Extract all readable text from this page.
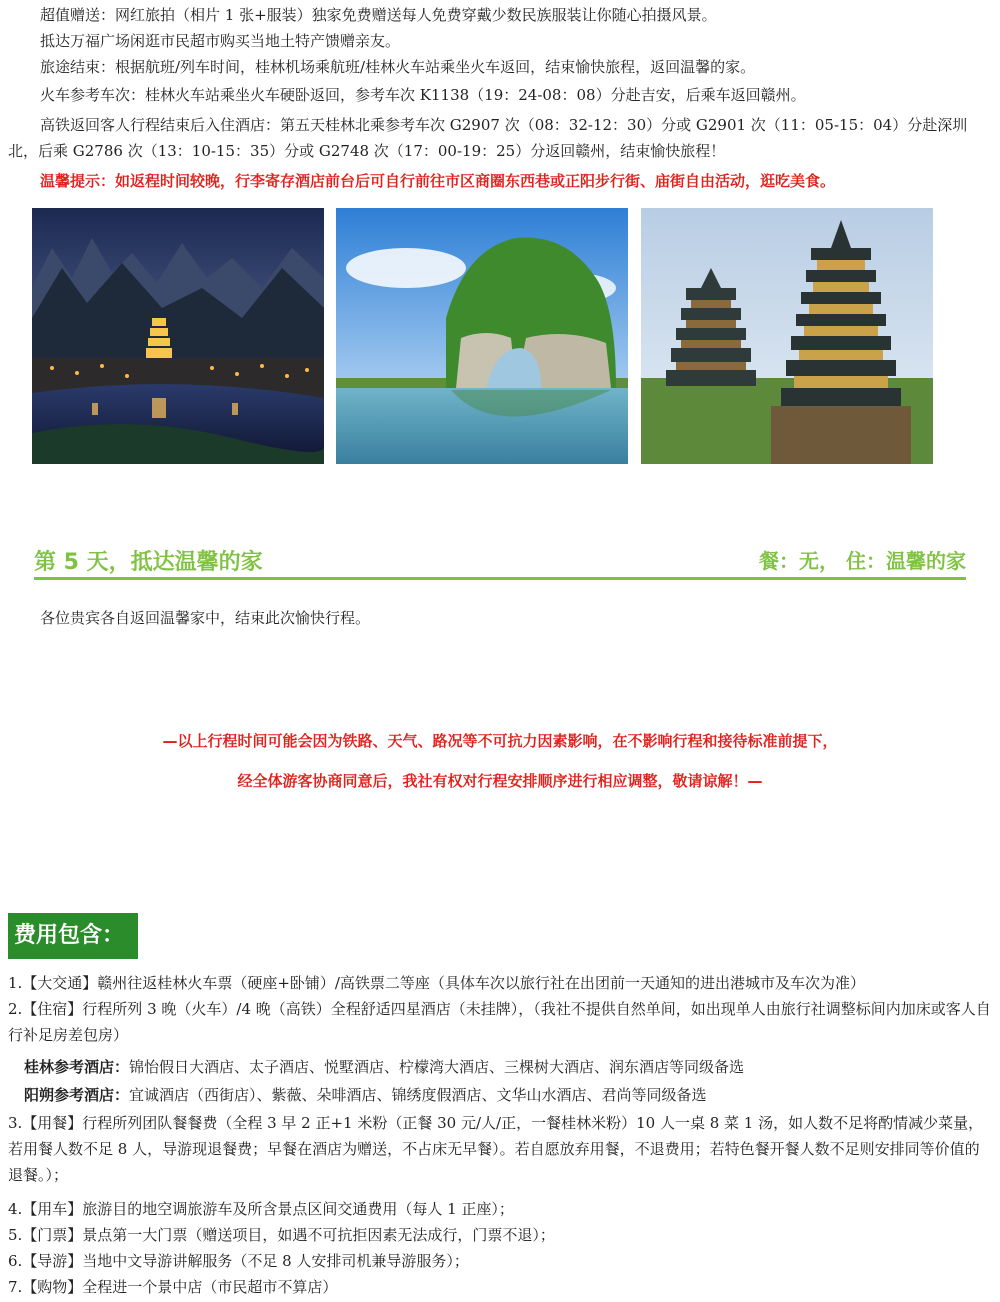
超值赠送：网红旅拍（相片 1 张+服装）独家免费赠送每人免费穿戴少数民族服装让你随心拍摄风景。
抵达万福广场闲逛市民超市购买当地土特产馈赠亲友。
旅途结束：根据航班/列车时间，桂林机场乘航班/桂林火车站乘坐火车返回，结束愉快旅程，返回温馨的家。
火车参考车次：桂林火车站乘坐火车硬卧返回，参考车次 K1138（19：24-08：08）分赴吉安，后乘车返回赣州。
高铁返回客人行程结束后入住酒店：第五天桂林北乘参考车次 G2907 次（08：32-12：30）分或 G2901 次（11：05-15：04）分赴深圳北，后乘 G2786 次（13：10-15：35）分或 G2748 次（17：00-19：25）分返回赣州，结束愉快旅程！
温馨提示：如返程时间较晚，行李寄存酒店前台后可自行前往市区商圈东西巷或正阳步行街、庙街自由活动，逛吃美食。
第 5 天，抵达温馨的家	餐：无， 住：温馨的家
各位贵宾各自返回温馨家中，结束此次愉快行程。
—以上行程时间可能会因为铁路、天气、路况等不可抗力因素影响，在不影响行程和接待标准前提下，
经全体游客协商同意后，我社有权对行程安排顺序进行相应调整，敬请谅解！—
费用包含：
1.【大交通】赣州往返桂林火车票（硬座+卧铺）/高铁票二等座（具体车次以旅行社在出团前一天通知的进出港城市及车次为准）
2.【住宿】行程所列 3 晚（火车）/4 晚（高铁）全程舒适四星酒店（未挂牌），（我社不提供自然单间，如出现单人由旅行社调整标间内加床或客人自行补足房差包房）
桂林参考酒店：锦怡假日大酒店、太子酒店、悦墅酒店、柠檬湾大酒店、三棵树大酒店、润东酒店等同级备选
阳朔参考酒店：宜诚酒店（西街店）、紫薇、朵啡酒店、锦绣度假酒店、文华山水酒店、君尚等同级备选
3.【用餐】行程所列团队餐餐费（全程 3 早 2 正+1 米粉（正餐 30 元/人/正，一餐桂林米粉）10 人一桌 8 菜 1 汤，如人数不足将酌情减少菜量，若用餐人数不足 8 人，导游现退餐费；早餐在酒店为赠送，不占床无早餐）。若自愿放弃用餐，不退费用；若特色餐开餐人数不足则安排同等价值的退餐。）；
4.【用车】旅游目的地空调旅游车及所含景点区间交通费用（每人 1 正座）；
5.【门票】景点第一大门票（赠送项目，如遇不可抗拒因素无法成行，门票不退）；
6.【导游】当地中文导游讲解服务（不足 8 人安排司机兼导游服务）；
7.【购物】全程进一个景中店（市民超市不算店）
